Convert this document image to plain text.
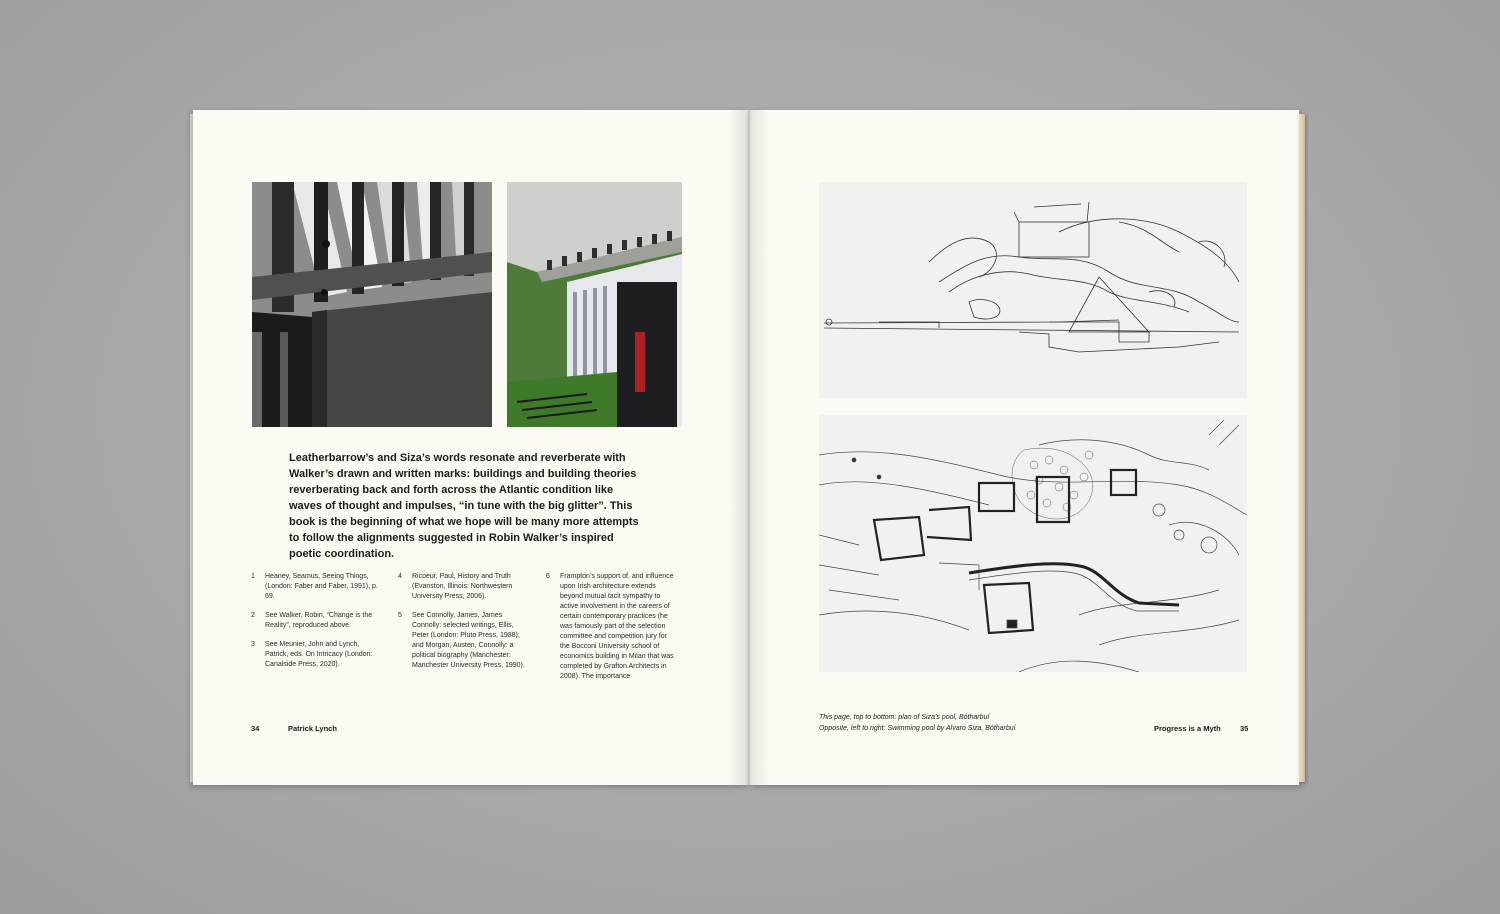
Leatherbarrow’s and Siza’s words resonate and reverberate with Walker’s drawn and written marks: buildings and building theories reverberating back and forth across the Atlantic condition like waves of thought and impulses, “in tune with the big glitter”. This book is the beginning of what we hope will be many more attempts to follow the alignments suggested in Robin Walker’s inspired poetic coordination.

1 Heaney, Seamus, Seeing Things, (London: Faber and Faber, 1991), p. 69.
2 See Walker, Robin, “Change is the Reality”, reproduced above.
3 See Meunier, John and Lynch, Patrick, eds. On Intricacy (London: Canalside Press, 2020).
4 Ricoeur, Paul, History and Truth (Evanston, Illinois: Northwestern University Press, 2006).
5 See Connolly, James, James Connolly: selected writings, Ellis, Peter (London: Pluto Press, 1988); and Morgan, Austen, Connolly: a political biography (Manchester: Manchester University Press, 1990).
6 Frampton’s support of, and influence upon Irish architecture extends beyond mutual tacit sympathy to active involvement in the careers of certain contemporary practices (he was famously part of the selection committee and competition jury for the Bocconi University school of economics building in Milan that was completed by Grafton Architects in 2008). The importance
34	Patrick Lynch
This page, top to bottom: plan of Siza’s pool, Bótharbuí
Opposite, left to right: Swimming pool by Alvaro Siza, Bótharbuí	Progress is a Myth	35
